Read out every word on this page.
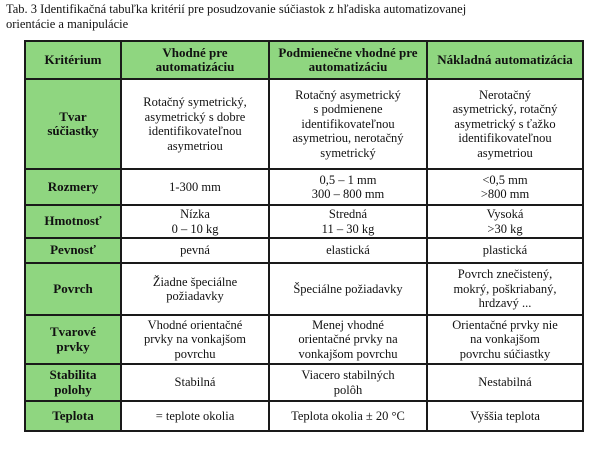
Tab. 3 Identifikačná tabuľka kritérií pre posudzovanie súčiastok z hľadiska automatizovanej
orientácie a manipulácie
Kritérium	Vhodné pre automatizáciu	Podmienečne vhodné pre automatizáciu	Nákladná automatizácia

Tvar
súčiastky	Rotačný symetrický,
asymetrický s dobre
identifikovateľnou
asymetriou	Rotačný asymetrický
s podmienene
identifikovateľnou
asymetriou, nerotačný
symetrický	Nerotačný
asymetrický, rotačný
asymetrický s ťažko
identifikovateľnou
asymetriou

Rozmery	1-300 mm	0,5 – 1 mm
300 – 800 mm	<0,5 mm
>800 mm

Hmotnosť	Nízka
0 – 10 kg	Stredná
11 – 30 kg	Vysoká
>30 kg

Pevnosť	pevná	elastická	plastická

Povrch	Žiadne špeciálne
požiadavky	Špeciálne požiadavky	Povrch znečistený,
mokrý, poškriabaný,
hrdzavý ...

Tvarové
prvky	Vhodné orientačné
prvky na vonkajšom
povrchu	Menej vhodné
orientačné prvky na
vonkajšom povrchu	Orientačné prvky nie
na vonkajšom
povrchu súčiastky

Stabilita
polohy	Stabilná	Viacero stabilných
polôh	Nestabilná

Teplota	= teplote okolia	Teplota okolia ± 20 °C	Vyššia teplota
